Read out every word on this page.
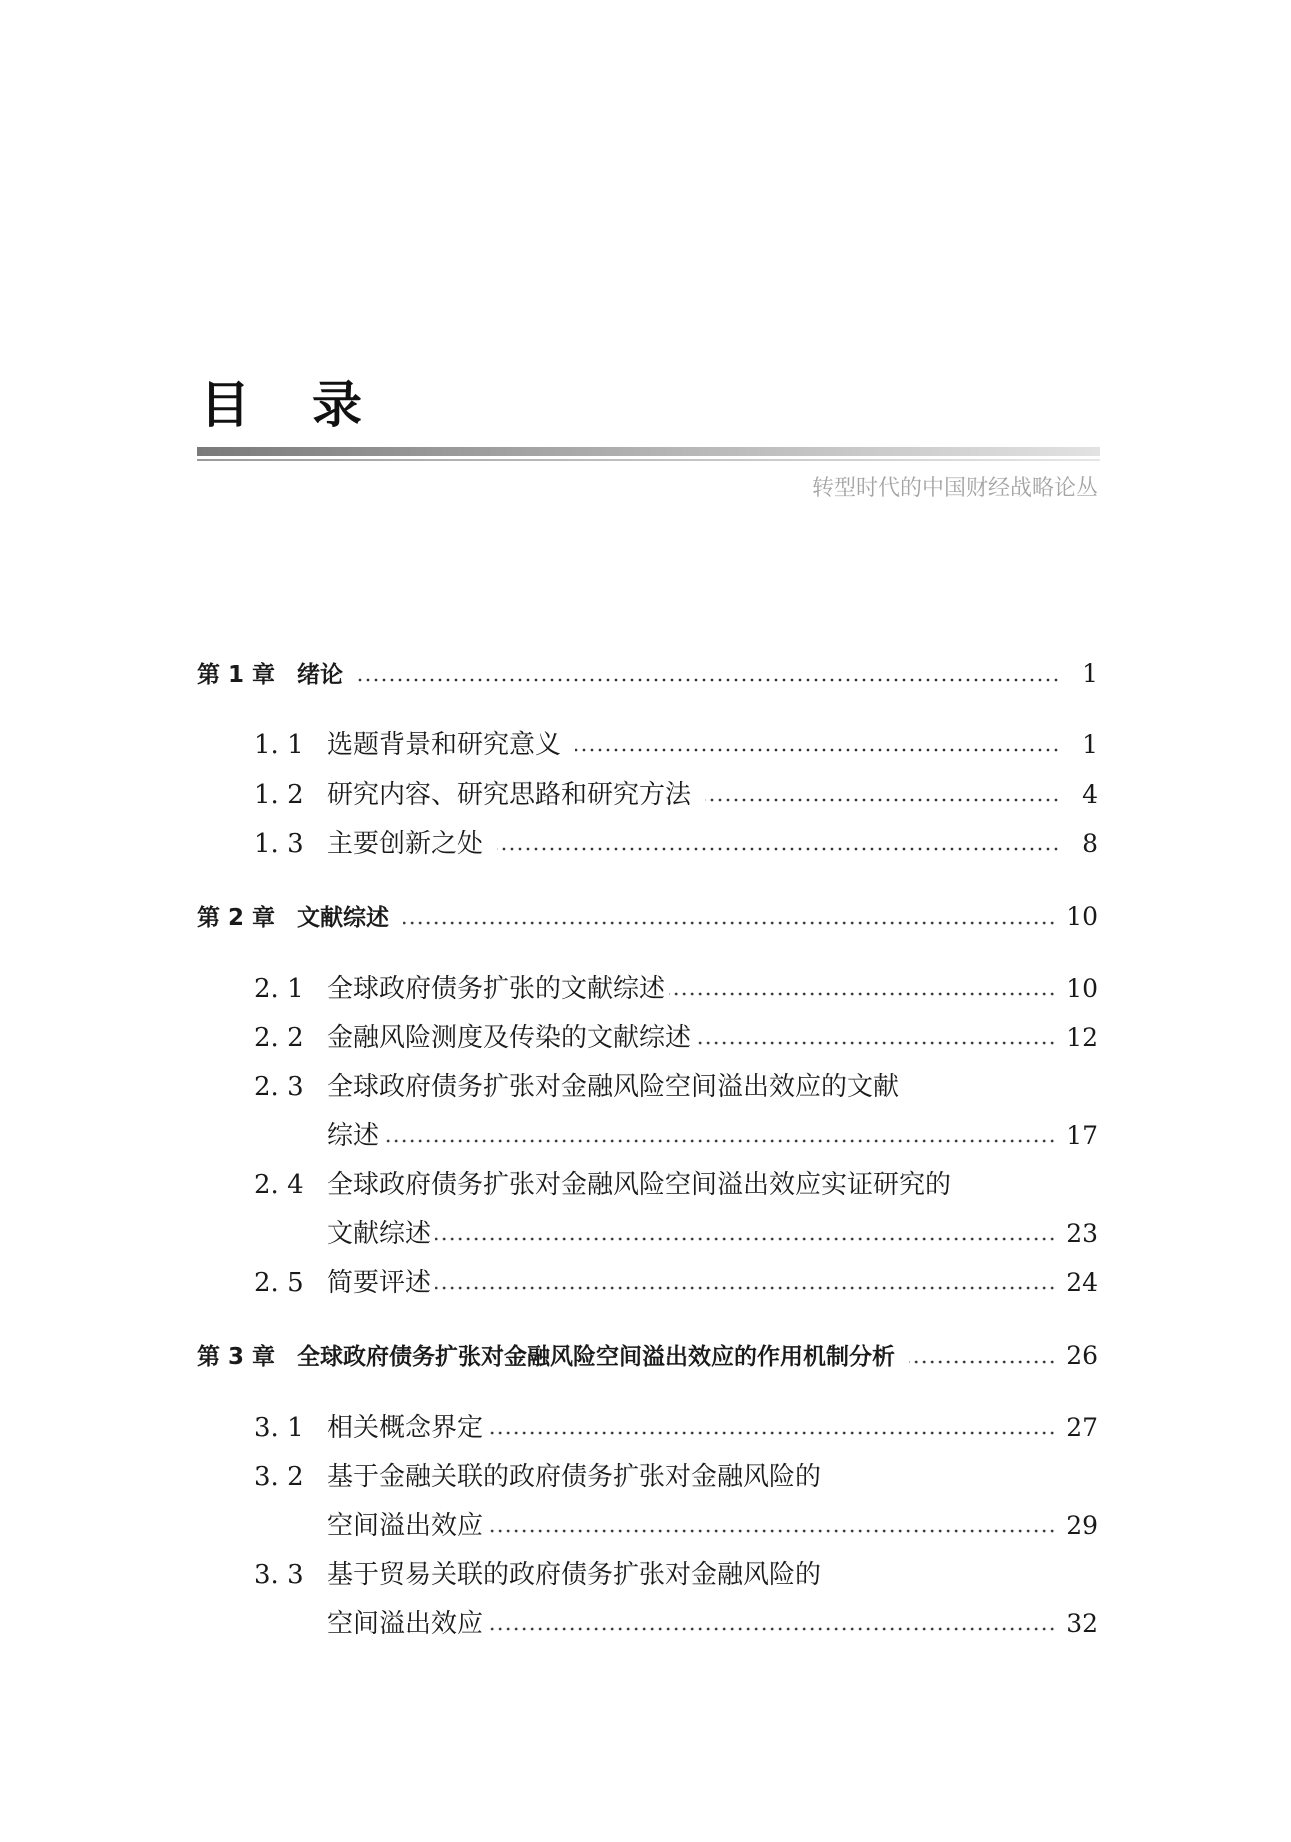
目录
转型时代的中国财经战略论丛
第 1 章 绪论	1
1. 1 选题背景和研究意义	1
1. 2 研究内容、研究思路和研究方法	4
1. 3 主要创新之处	8
第 2 章 文献综述	10
2. 1 全球政府债务扩张的文献综述	10
2. 2 金融风险测度及传染的文献综述	12
2. 3 全球政府债务扩张对金融风险空间溢出效应的文献
综述	17
2. 4 全球政府债务扩张对金融风险空间溢出效应实证研究的
文献综述	23
2. 5 简要评述	24
第 3 章 全球政府债务扩张对金融风险空间溢出效应的作用机制分析	26
3. 1 相关概念界定	27
3. 2 基于金融关联的政府债务扩张对金融风险的
空间溢出效应	29
3. 3 基于贸易关联的政府债务扩张对金融风险的
空间溢出效应	32
